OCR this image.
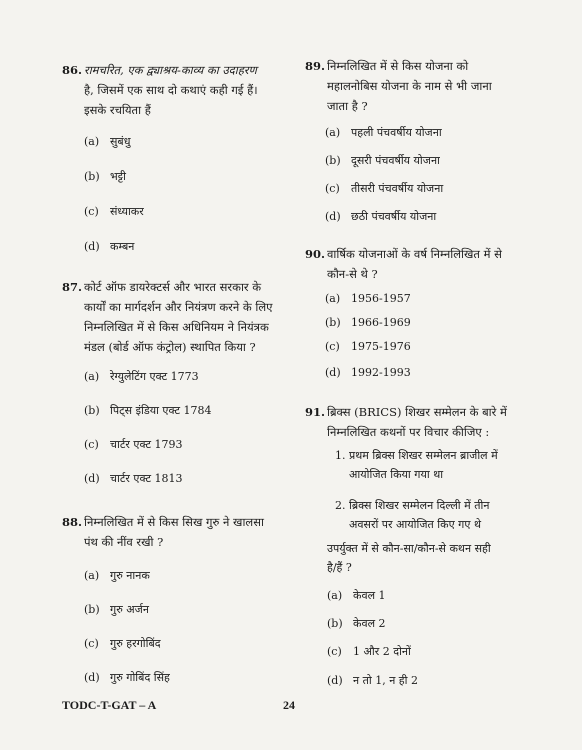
86. रामचरित, एक द्व्याश्रय-काव्य का उदाहरण
है, जिसमें एक साथ दो कथाएं कही गई हैं।
इसके रचयिता हैं
(a) सुबंधु
(b) भट्टी
(c) संध्याकर
(d) कम्बन
87. कोर्ट ऑफ डायरेक्टर्स और भारत सरकार के
कार्यों का मार्गदर्शन और नियंत्रण करने के लिए
निम्नलिखित में से किस अधिनियम ने नियंत्रक
मंडल (बोर्ड ऑफ कंट्रोल) स्थापित किया ?
(a) रेग्युलेटिंग एक्ट 1773
(b) पिट्स इंडिया एक्ट 1784
(c) चार्टर एक्ट 1793
(d) चार्टर एक्ट 1813
88. निम्नलिखित में से किस सिख गुरु ने खालसा
पंथ की नींव रखी ?
(a) गुरु नानक
(b) गुरु अर्जन
(c) गुरु हरगोबिंद
(d) गुरु गोबिंद सिंह
89. निम्नलिखित में से किस योजना को
महालनोबिस योजना के नाम से भी जाना
जाता है ?
(a) पहली पंचवर्षीय योजना
(b) दूसरी पंचवर्षीय योजना
(c) तीसरी पंचवर्षीय योजना
(d) छठी पंचवर्षीय योजना
90. वार्षिक योजनाओं के वर्ष निम्नलिखित में से
कौन-से थे ?
(a) 1956-1957
(b) 1966-1969
(c) 1975-1976
(d) 1992-1993
91. ब्रिक्स (BRICS) शिखर सम्मेलन के बारे में
निम्नलिखित कथनों पर विचार कीजिए :
1. प्रथम ब्रिक्स शिखर सम्मेलन ब्राजील में
आयोजित किया गया था
2. ब्रिक्स शिखर सम्मेलन दिल्ली में तीन
अवसरों पर आयोजित किए गए थे
उपर्युक्त में से कौन-सा/कौन-से कथन सही
है/हैं ?
(a) केवल 1
(b) केवल 2
(c) 1 और 2 दोनों
(d) न तो 1, न ही 2
TODC-T-GAT – A	24
